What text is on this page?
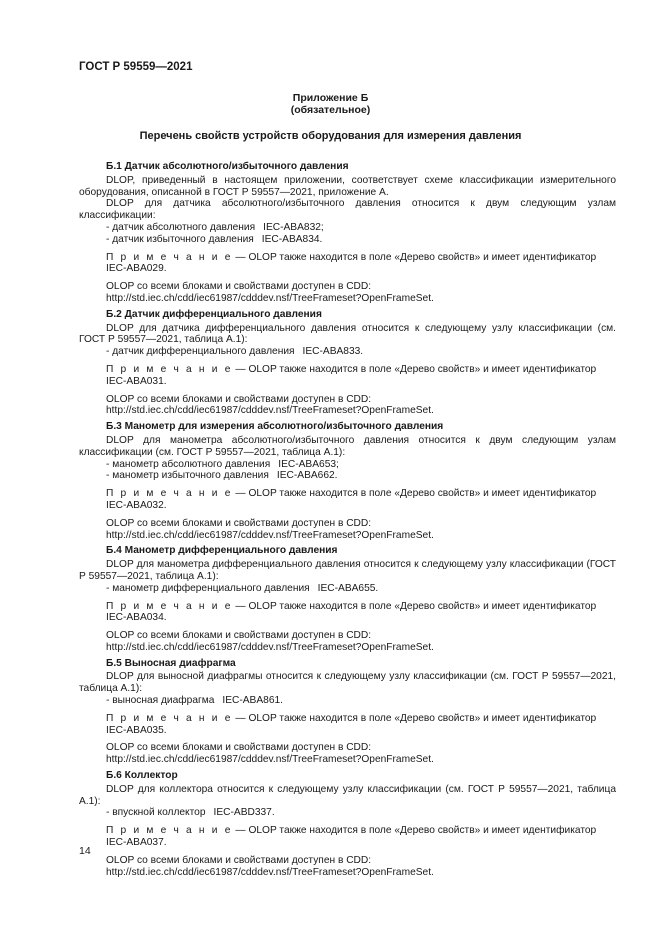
ГОСТ Р 59559—2021
Приложение Б
(обязательное)
Перечень свойств устройств оборудования для измерения давления
Б.1 Датчик абсолютного/избыточного давления

DLOP, приведенный в настоящем приложении, соответствует схеме классификации измерительного оборудования, описанной в ГОСТ Р 59557—2021, приложение А.

DLOP для датчика абсолютного/избыточного давления относится к двум следующим узлам классификации:

- датчик абсолютного давления IEC-ABA832;
- датчик избыточного давления IEC-ABA834.
П р и м е ч а н и е — OLOP также находится в поле «Дерево свойств» и имеет идентификатор IEC-ABA029.
OLOP со всеми блоками и свойствами доступен в CDD:
http://std.iec.ch/cdd/iec61987/cdddev.nsf/TreeFrameset?OpenFrameSet.
Б.2 Датчик дифференциального давления

DLOP для датчика дифференциального давления относится к следующему узлу классификации (см. ГОСТ Р 59557—2021, таблица А.1):

- датчик дифференциального давления IEC-ABA833.
П р и м е ч а н и е — OLOP также находится в поле «Дерево свойств» и имеет идентификатор IEC-ABA031.
OLOP со всеми блоками и свойствами доступен в CDD:
http://std.iec.ch/cdd/iec61987/cdddev.nsf/TreeFrameset?OpenFrameSet.
Б.3 Манометр для измерения абсолютного/избыточного давления

DLOP для манометра абсолютного/избыточного давления относится к двум следующим узлам классификации (см. ГОСТ Р 59557—2021, таблица А.1):

- манометр абсолютного давления IEC-ABA653;
- манометр избыточного давления IEC-ABA662.
П р и м е ч а н и е — OLOP также находится в поле «Дерево свойств» и имеет идентификатор IEC-ABA032.
OLOP со всеми блоками и свойствами доступен в CDD:
http://std.iec.ch/cdd/iec61987/cdddev.nsf/TreeFrameset?OpenFrameSet.
Б.4 Манометр дифференциального давления

DLOP для манометра дифференциального давления относится к следующему узлу классификации (ГОСТ Р 59557—2021, таблица А.1):

- манометр дифференциального давления IEC-ABA655.
П р и м е ч а н и е — OLOP также находится в поле «Дерево свойств» и имеет идентификатор IEC-ABA034.
OLOP со всеми блоками и свойствами доступен в CDD:
http://std.iec.ch/cdd/iec61987/cdddev.nsf/TreeFrameset?OpenFrameSet.
Б.5 Выносная диафрагма

DLOP для выносной диафрагмы относится к следующему узлу классификации (см. ГОСТ Р 59557—2021, таблица А.1):

- выносная диафрагма IEC-ABA861.
П р и м е ч а н и е — OLOP также находится в поле «Дерево свойств» и имеет идентификатор IEC-ABA035.
OLOP со всеми блоками и свойствами доступен в CDD:
http://std.iec.ch/cdd/iec61987/cdddev.nsf/TreeFrameset?OpenFrameSet.
Б.6 Коллектор

DLOP для коллектора относится к следующему узлу классификации (см. ГОСТ Р 59557—2021, таблица А.1):

- впускной коллектор IEC-ABD337.
П р и м е ч а н и е — OLOP также находится в поле «Дерево свойств» и имеет идентификатор IEC-ABA037.
OLOP со всеми блоками и свойствами доступен в CDD:
http://std.iec.ch/cdd/iec61987/cdddev.nsf/TreeFrameset?OpenFrameSet.
14
